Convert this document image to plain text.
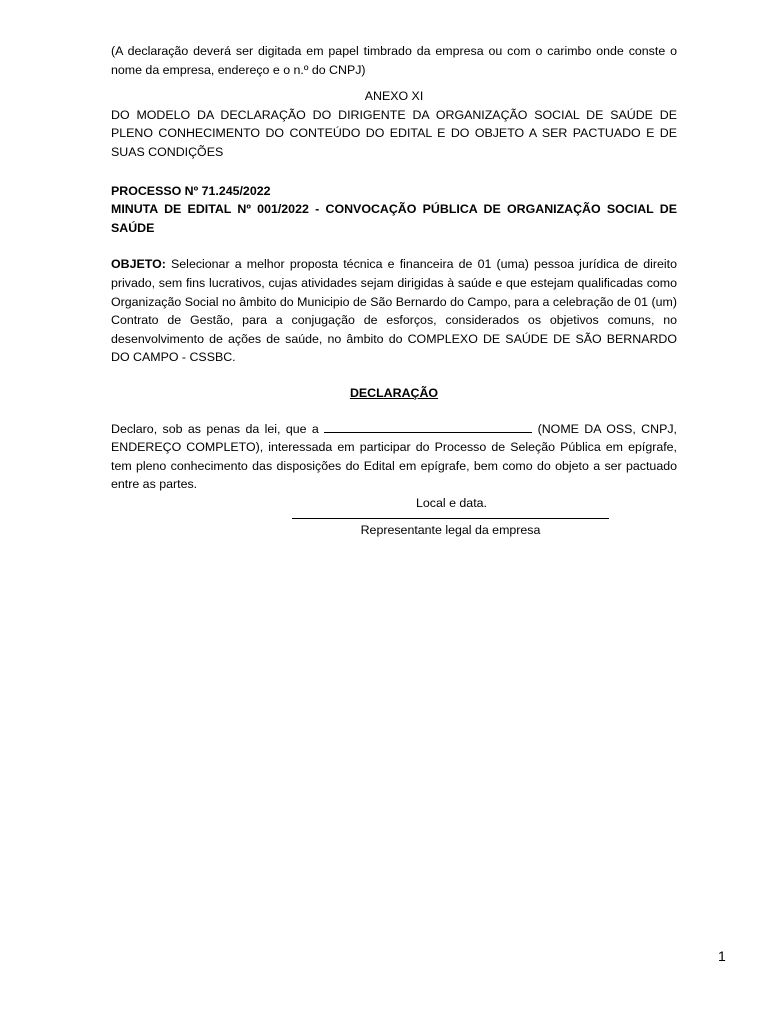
(A declaração deverá ser digitada em papel timbrado da empresa ou com o carimbo onde conste o nome da empresa, endereço e o n.º do CNPJ)

ANEXO XI

DO MODELO DA DECLARAÇÃO DO DIRIGENTE DA ORGANIZAÇÃO SOCIAL DE SAÚDE DE PLENO CONHECIMENTO DO CONTEÚDO DO EDITAL E DO OBJETO A SER PACTUADO E DE SUAS CONDIÇÕES

PROCESSO Nº 71.245/2022

MINUTA DE EDITAL Nº 001/2022 - CONVOCAÇÃO PÚBLICA DE ORGANIZAÇÃO SOCIAL DE SAÚDE

OBJETO: Selecionar a melhor proposta técnica e financeira de 01 (uma) pessoa jurídica de direito privado, sem fins lucrativos, cujas atividades sejam dirigidas à saúde e que estejam qualificadas como Organização Social no âmbito do Municipio de São Bernardo do Campo, para a celebração de 01 (um) Contrato de Gestão, para a conjugação de esforços, considerados os objetivos comuns, no desenvolvimento de ações de saúde, no âmbito do COMPLEXO DE SAÚDE DE SÃO BERNARDO DO CAMPO - CSSBC.

DECLARAÇÃO

Declaro, sob as penas da lei, que a	(NOME DA OSS, CNPJ, ENDEREÇO COMPLETO), interessada em participar do Processo de Seleção Pública em epígrafe, tem pleno conhecimento das disposições do Edital em epígrafe, bem como do objeto a ser pactuado entre as partes.

Local e data.

Representante legal da empresa

1
